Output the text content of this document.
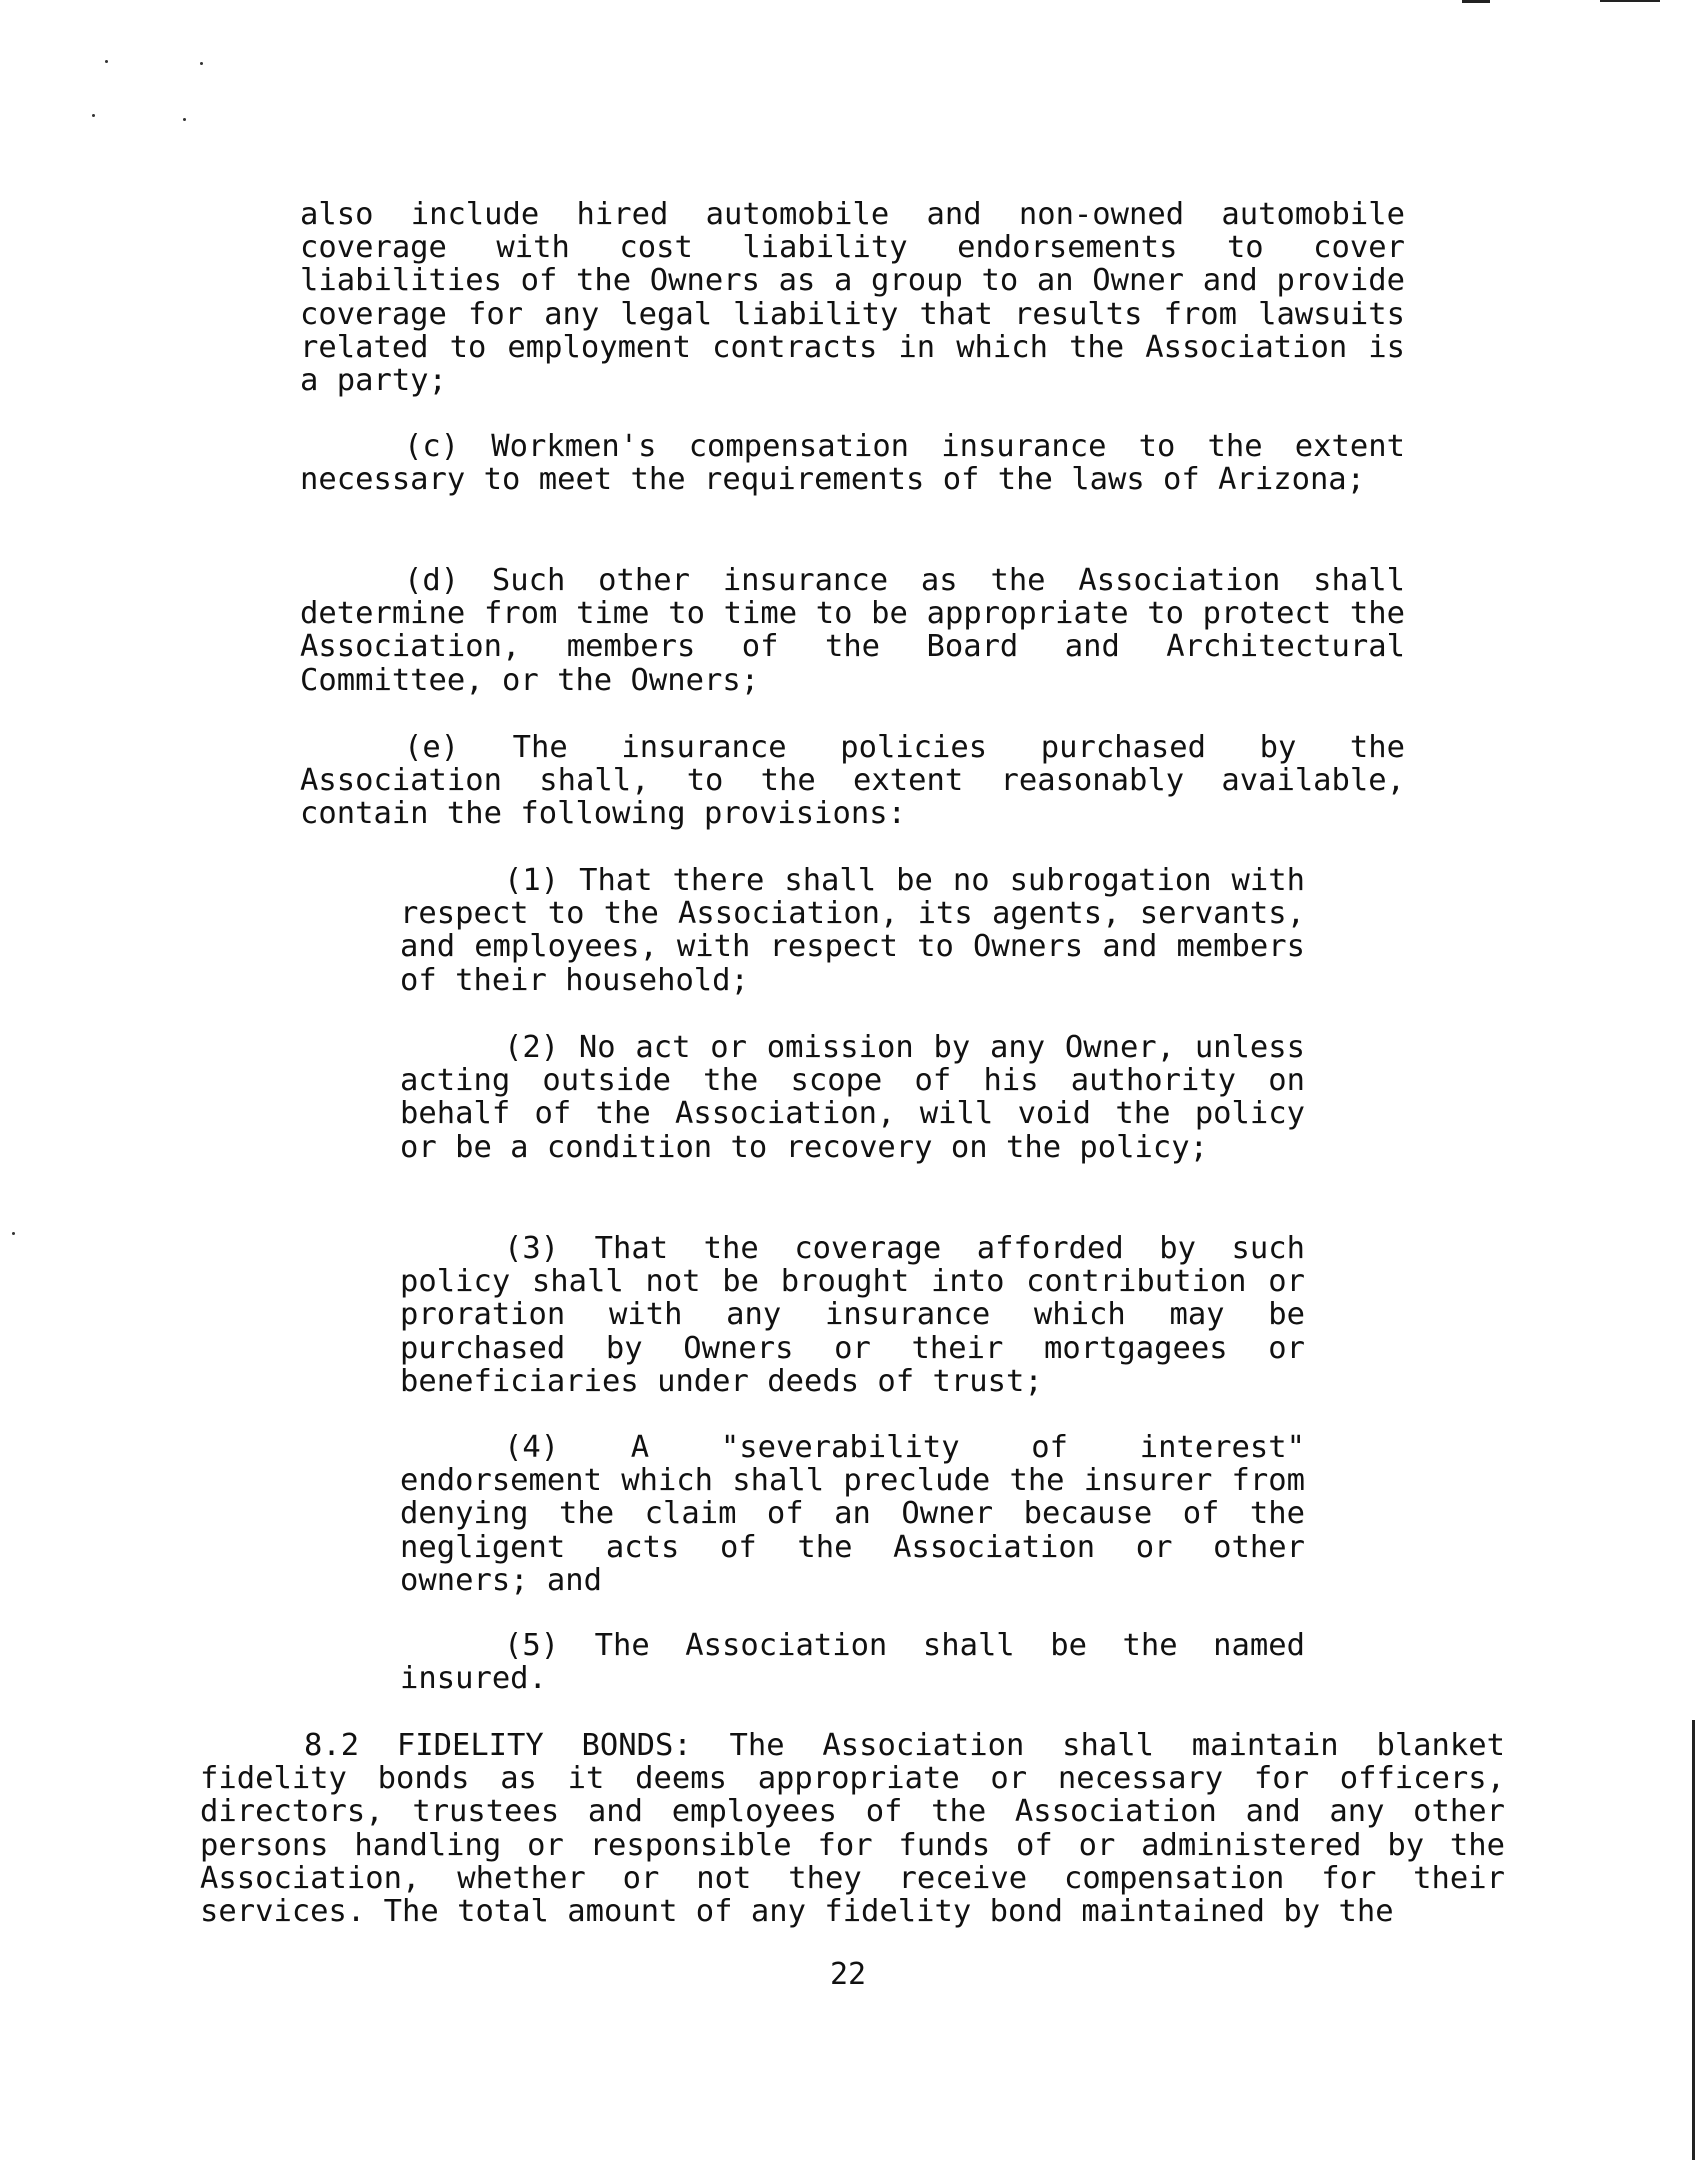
also include hired automobile and non-owned automobile coverage with cost liability endorsements to cover liabilities of the Owners as a group to an Owner and provide coverage for any legal liability that results from lawsuits related to employment contracts in which the Association is a party;

(c) Workmen's compensation insurance to the extent necessary to meet the requirements of the laws of Arizona;

(d) Such other insurance as the Association shall determine from time to time to be appropriate to protect the Association, members of the Board and Architectural Committee, or the Owners;

(e) The insurance policies purchased by the Association shall, to the extent reasonably available, contain the following provisions:

(1) That there shall be no subrogation with respect to the Association, its agents, servants, and employees, with respect to Owners and members of their household;

(2) No act or omission by any Owner, unless acting outside the scope of his authority on behalf of the Association, will void the policy or be a condition to recovery on the policy;

(3) That the coverage afforded by such policy shall not be brought into contribution or proration with any insurance which may be purchased by Owners or their mortgagees or beneficiaries under deeds of trust;

(4) A "severability of interest" endorsement which shall preclude the insurer from denying the claim of an Owner because of the negligent acts of the Association or other owners; and

(5) The Association shall be the named insured.

8.2 FIDELITY BONDS: The Association shall maintain blanket fidelity bonds as it deems appropriate or necessary for officers, directors, trustees and employees of the Association and any other persons handling or responsible for funds of or administered by the Association, whether or not they receive compensation for their services. The total amount of any fidelity bond maintained by the

22
